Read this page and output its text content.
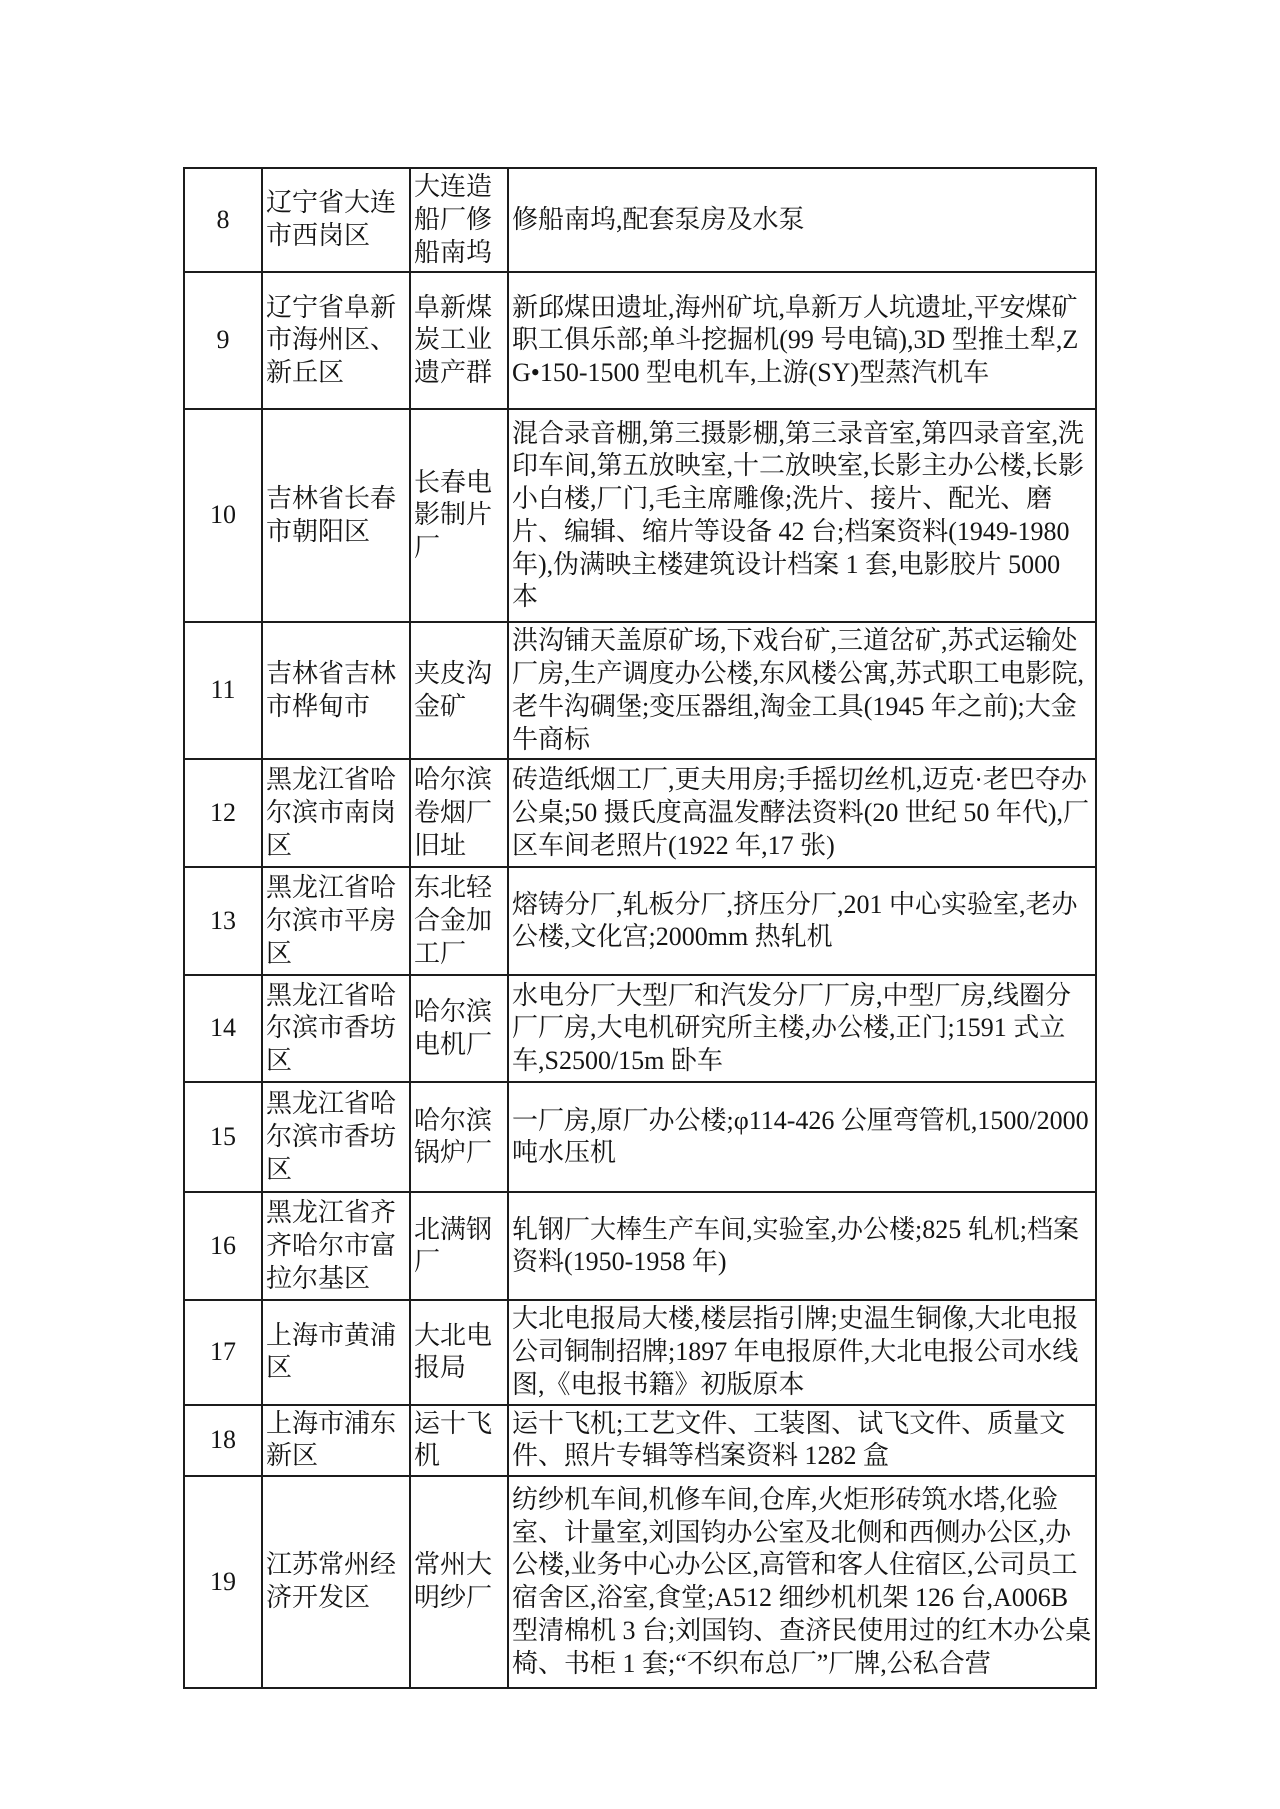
8	辽宁省大连市西岗区	大连造船厂修船南坞	修船南坞,配套泵房及水泵
9	辽宁省阜新市海州区、新丘区	阜新煤炭工业遗产群	新邱煤田遗址,海州矿坑,阜新万人坑遗址,平安煤矿职工俱乐部;单斗挖掘机(99 号电镐),3D 型推土犁,ZG•150-1500 型电机车,上游(SY)型蒸汽机车
10	吉林省长春市朝阳区	长春电影制片厂	混合录音棚,第三摄影棚,第三录音室,第四录音室,洗印车间,第五放映室,十二放映室,长影主办公楼,长影小白楼,厂门,毛主席雕像;洗片、接片、配光、磨片、编辑、缩片等设备 42 台;档案资料(1949-1980 年),伪满映主楼建筑设计档案 1 套,电影胶片 5000 本
11	吉林省吉林市桦甸市	夹皮沟金矿	洪沟铺天盖原矿场,下戏台矿,三道岔矿,苏式运输处厂房,生产调度办公楼,东风楼公寓,苏式职工电影院,老牛沟碉堡;变压器组,淘金工具(1945 年之前);大金牛商标
12	黑龙江省哈尔滨市南岗区	哈尔滨卷烟厂旧址	砖造纸烟工厂,更夫用房;手摇切丝机,迈克·老巴夺办公桌;50 摄氏度高温发酵法资料(20 世纪 50 年代),厂区车间老照片(1922 年,17 张)
13	黑龙江省哈尔滨市平房区	东北轻合金加工厂	熔铸分厂,轧板分厂,挤压分厂,201 中心实验室,老办公楼,文化宫;2000mm 热轧机
14	黑龙江省哈尔滨市香坊区	哈尔滨电机厂	水电分厂大型厂和汽发分厂厂房,中型厂房,线圈分厂厂房,大电机研究所主楼,办公楼,正门;1591 式立车,S2500/15m 卧车
15	黑龙江省哈尔滨市香坊区	哈尔滨锅炉厂	一厂房,原厂办公楼;φ114-426 公厘弯管机,1500/2000 吨水压机
16	黑龙江省齐齐哈尔市富拉尔基区	北满钢厂	轧钢厂大棒生产车间,实验室,办公楼;825 轧机;档案资料(1950-1958 年)
17	上海市黄浦区	大北电报局	大北电报局大楼,楼层指引牌;史温生铜像,大北电报公司铜制招牌;1897 年电报原件,大北电报公司水线图,《电报书籍》初版原本
18	上海市浦东新区	运十飞机	运十飞机;工艺文件、工装图、试飞文件、质量文件、照片专辑等档案资料 1282 盒
19	江苏常州经济开发区	常州大明纱厂	纺纱机车间,机修车间,仓库,火炬形砖筑水塔,化验室、计量室,刘国钧办公室及北侧和西侧办公区,办公楼,业务中心办公区,高管和客人住宿区,公司员工宿舍区,浴室,食堂;A512 细纱机机架 126 台,A006B 型清棉机 3 台;刘国钧、查济民使用过的红木办公桌椅、书柜 1 套;“不织布总厂”厂牌,公私合营
